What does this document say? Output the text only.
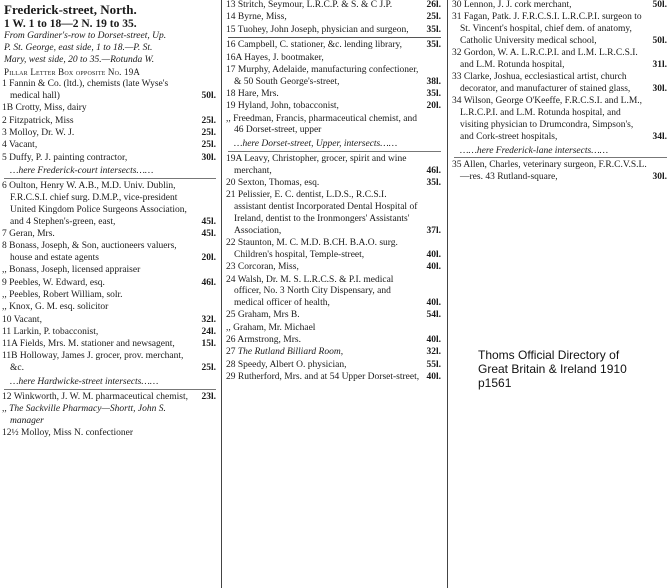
Frederick-street, North.
1 W. 1 to 18—2 N. 19 to 35.
From Gardiner's-row to Dorset-street, Up.
P. St. George, east side, 1 to 18.—P. St.
Mary, west side, 20 to 35.—Rotunda W.
Pillar Letter Box opposite No. 19A
1 Fannin & Co. (ltd.), chemists (late Wyse's medical hall)	50l.
1B Crotty, Miss, dairy
2 Fitzpatrick, Miss	25l.
3 Molloy, Dr. W. J.	25l.
4 Vacant,	25l.
5 Duffy, P. J. painting contractor,	30l.
…here Frederick-court intersects……
6 Oulton, Henry W. A.B., M.D. Univ. Dublin, F.R.C.S.I. chief surg. D.M.P., vice-president United Kingdom Police Surgeons Association, and 4 Stephen's-green, east,	45l.
7 Geran, Mrs.	45l.
8 Bonass, Joseph, & Son, auctioneers valuers, house and estate agents	20l.
,, Bonass, Joseph, licensed appraiser
9 Peebles, W. Edward, esq.	46l.
,, Peebles, Robert William, solr.
,, Knox, G. M. esq. solicitor
10 Vacant,	32l.
11 Larkin, P. tobacconist,	24l.
11A Fields, Mrs. M. stationer and newsagent,	15l.
11B Holloway, James J. grocer, prov. merchant, &c.	25l.
…here Hardwicke-street intersects……
12 Winkworth, J. W. M. pharmaceutical chemist, 23l.
,, The Sackville Pharmacy—Shortt, John S. manager
12½ Molloy, Miss N. confectioner
13 Stritch, Seymour, L.R.C.P. & S. & C J.P.	26l.
14 Byrne, Miss,	25l.
15 Tuohey, John Joseph, physician and surgeon, 35l.
16 Campbell, C. stationer, &c. lending library,	35l.
16A Hayes, J. bootmaker,
17 Murphy, Adelaide, manufacturing confectioner, & 50 South George's-street,	38l.
18 Hare, Mrs.	35l.
19 Hyland, John, tobacconist,	20l.
,, Freedman, Francis, pharmaceutical chemist, and 46 Dorset-street, upper
…here Dorset-street, Upper, intersects……
19A Leavy, Christopher, grocer, spirit and wine merchant,	46l.
20 Sexton, Thomas, esq.	35l.
21 Pelissier, E. C. dentist, L.D.S., R.C.S.I. assistant dentist Incorporated Dental Hospital of Ireland, dentist to the Ironmongers' Assistants' Association,	37l.
22 Staunton, M. C. M.D. B.CH. B.A.O. surg. Children's hospital, Temple-street,	40l.
23 Corcoran, Miss,	40l.
24 Walsh, Dr. M. S. L.R.C.S. & P.I. medical officer, No. 3 North City Dispensary, and medical officer of health,	40l.
25 Graham, Mrs B.	54l.
,, Graham, Mr. Michael
26 Armstrong, Mrs.	40l.
27 The Rutland Billiard Room,	32l.
28 Speedy, Albert O. physician,	55l.
29 Rutherford, Mrs. and at 54 Upper Dorset-street, 40l.
30 Lennon, J. J. cork merchant,	50l.
31 Fagan, Patk. J. F.R.C.S.I. L.R.C.P.I. surgeon to St. Vincent's hospital, chief dem. of anatomy, Catholic University medical school,	50l.
32 Gordon, W. A. L.R.C.P.I. and L.M. L.R.C.S.I. and L.M. Rotunda hospital,	31l.
33 Clarke, Joshua, ecclesiastical artist, church decorator, and manufacturer of stained glass, 30l.
34 Wilson, George O'Keeffe, F.R.C.S.I. and L.M., L.R.C.P.I. and L.M. Rotunda hospital, and visiting physician to Drumcondra, Simpson's, and Cork-street hospitals,	34l.
……here Frederick-lane intersects……
35 Allen, Charles, veterinary surgeon, F.R.C.V.S.L.—res. 43 Rutland-square,	30l.
Thoms Official Directory of
Great Britain & Ireland 1910
p1561
